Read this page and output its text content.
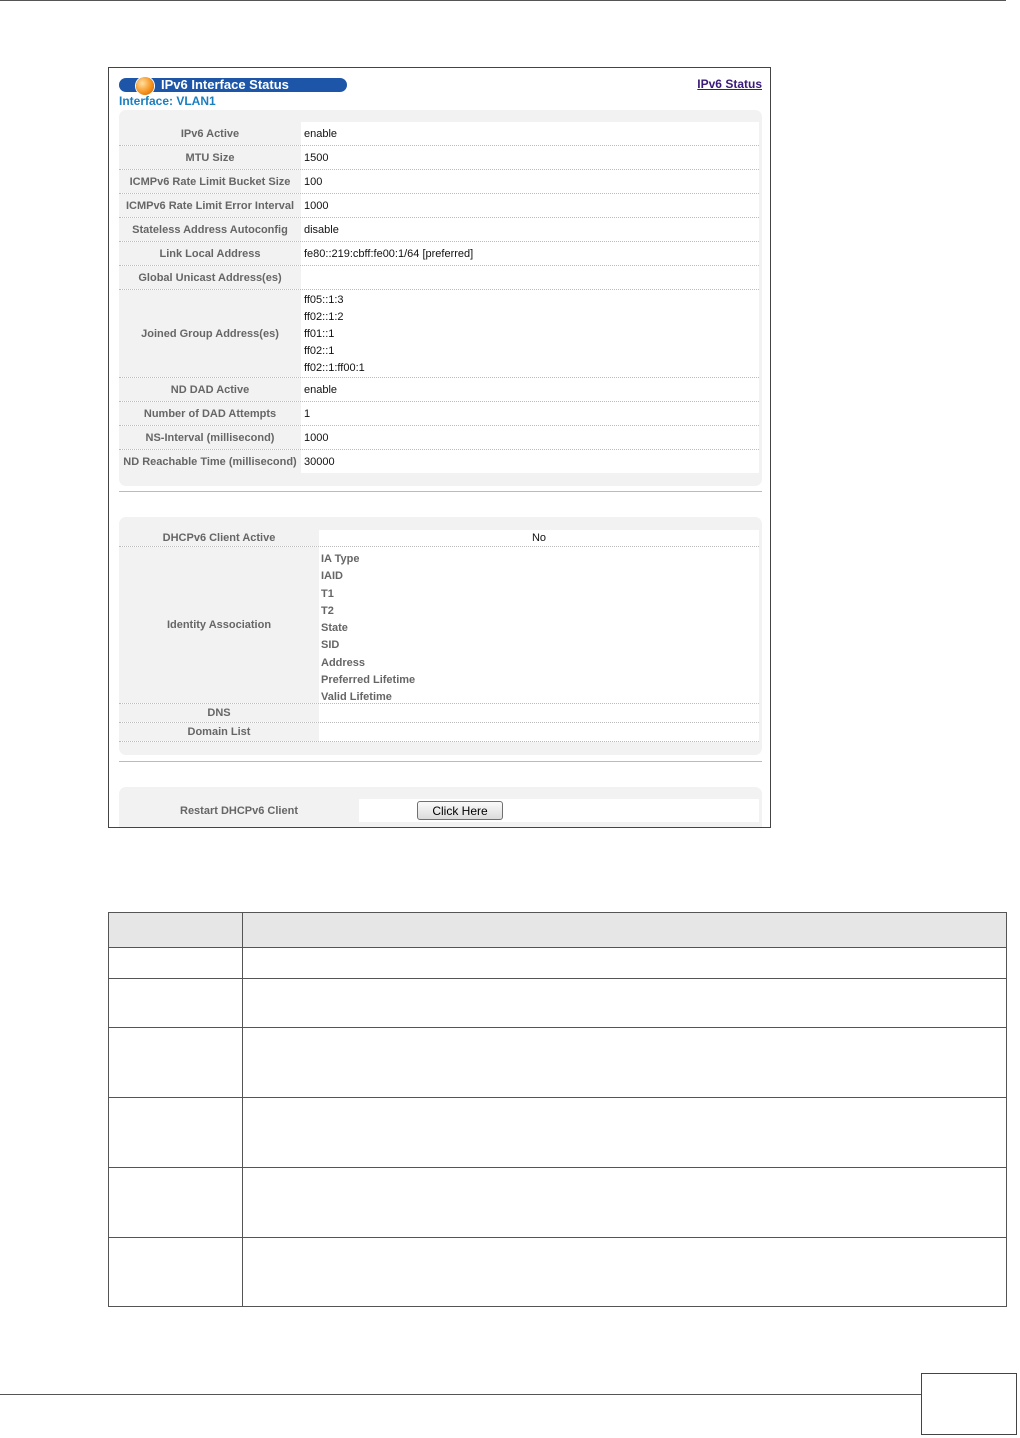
IPv6 Interface Status	IPv6 Status
Interface: VLAN1
IPv6 Active	enable
MTU Size	1500
ICMPv6 Rate Limit Bucket Size	100
ICMPv6 Rate Limit Error Interval 1000
Stateless Address Autoconfig	disable
Link Local Address	fe80::219:cbff:fe00:1/64 [preferred]
Global Unicast Address(es)
Joined Group Address(es)
ff05::1:3
ff02::1:2
ff01::1
ff02::1
ff02::1:ff00:1
ND DAD Active	enable
Number of DAD Attempts	1
NS-Interval (millisecond)	1000
ND Reachable Time (millisecond) 30000
DHCPv6 Client Active	No
Identity Association
IA Type
IAID
T1
T2
State
SID
Address
Preferred Lifetime
Valid Lifetime
DNS
Domain List
Restart DHCPv6 Client	Click Here
